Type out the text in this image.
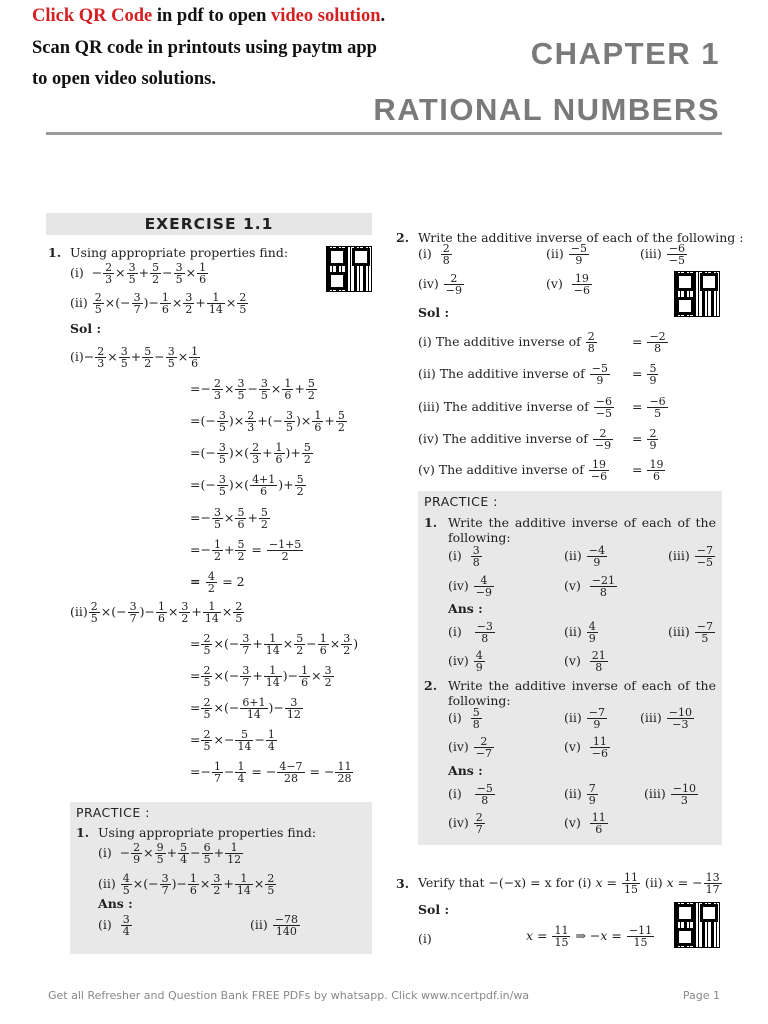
Click QR Code in pdf to open video solution.
Scan QR code in printouts using paytm app
to open video solutions.
CHAPTER 1
RATIONAL NUMBERS
EXERCISE 1.1
1. Using appropriate properties find:
$(i) - \frac{2}{3} \times \frac{3}{5} + \frac{5}{2} - \frac{3}{5} \times \frac{1}{6}$
$(ii) \frac{2}{5}$ ×(− $\frac{3}{7}$ )− $\frac{1}{6} \times \frac{3}{2} + \frac{1}{14} \times \frac{2}{5}$
Sol :
$(i)- \frac{2}{3} \times \frac{3}{5} + \frac{5}{2} - \frac{3}{5} \times \frac{1}{6}$
=− $\frac{2}{3} \times \frac{3}{5} - \frac{3}{5} \times \frac{1}{6} + \frac{5}{2}$
=(− $\frac{3}{5}$ )× $\frac{2}{3}$ +(− $\frac{3}{5}$ )× $\frac{1}{6} + \frac{5}{2}$
=(− $\frac{3}{5}$ )×( $\frac{2}{3} + \frac{1}{6}$ )+ $\frac{5}{2}$
=(− $\frac{3}{5}$ )×( $\frac{4+1}{6}$ )+ $\frac{5}{2}$
=− $\frac{3}{5} \times \frac{5}{6} + \frac{5}{2}$
=− $\frac{1}{2} + \frac{5}{2} = \frac{-1+5}{2}$
= $\frac{4}{2} = 2$
$(ii) \frac{2}{5}$ ×(− $\frac{3}{7}$ )− $\frac{1}{6} \times \frac{3}{2} + \frac{1}{14} \times \frac{2}{5}$
= $\frac{2}{5}$ ×(− $\frac{3}{7} + \frac{1}{14} \times \frac{5}{2} - \frac{1}{6} \times \frac{3}{2}$ )
= $\frac{2}{5}$ ×(− $\frac{3}{7} + \frac{1}{14}$ )− $\frac{1}{6} \times \frac{3}{2}$
= $\frac{2}{5}$ ×(− $\frac{6+1}{14}$ )− $\frac{3}{12}$
= $\frac{2}{5} \times- \frac{5}{14} - \frac{1}{4}$
=− $\frac{1}{7} - \frac{1}{4}$ = − $\frac{4-7}{28}$ = − $\frac{11}{28}$
PRACTICE :
1. Using appropriate properties find:
$(i) - \frac{2}{9} \times \frac{9}{5} + \frac{5}{4} - \frac{6}{5} + \frac{1}{12}$
$(ii) \frac{4}{5}$ ×(− $\frac{3}{7}$ )− $\frac{1}{6} \times \frac{3}{2} + \frac{1}{14} \times \frac{2}{5}$
Ans :
$(i) \frac{3}{4}$	$(ii) \frac{-78}{140}$
2. Write the additive inverse of each of the following :
$(i) \frac{2}{8}$	$(ii) \frac{-5}{9}$	$(iii) \frac{-6}{-5}$
$(iv) \frac{2}{-9}$	$(v) \frac{19}{-6}$
Sol :
(i) The additive inverse of $\frac{2}{8}$	= $\frac{-2}{8}$
(ii) The additive inverse of $\frac{-5}{9} = \frac{5}{9}$
(iii) The additive inverse of $\frac{-6}{-5} = \frac{-6}{5}$
(iv) The additive inverse of $\frac{2}{-9} = \frac{2}{9}$
(v) The additive inverse of $\frac{19}{-6} = \frac{19}{6}$
PRACTICE :
1. Write the additive inverse of each of the following:
$(i) \frac{3}{8}$	$(ii) \frac{-4}{9}$	$(iii) \frac{-7}{-5}$
$(iv) \frac{4}{-9}$	$(v) \frac{-21}{8}$
Ans :
$(i) \frac{-3}{8}$	$(ii) \frac{4}{9}$	$(iii) \frac{-7}{5}$
$(iv) \frac{4}{9}$	$(v) \frac{21}{8}$
2. Write the additive inverse of each of the following:
$(i) \frac{5}{8}$	$(ii) \frac{-7}{9}$	$(iii) \frac{-10}{-3}$
$(iv) \frac{2}{-7}$	$(v) \frac{11}{-6}$
Ans :
$(i) \frac{-5}{8}$	$(ii) \frac{7}{9}$	$(iii) \frac{-10}{3}$
$(iv) \frac{2}{7}$	$(v) \frac{11}{6}$
3. Verify that −(−x) = x for (i) $x = \frac{11}{15} (ii) x$ = − $\frac{13}{17}$
Sol :
(i)	$x = \frac{11}{15}$ ⇒ $-x = \frac{-11}{15}$
Get all Refresher and Question Bank FREE PDFs by whatsapp. Click www.ncertpdf.in/wa	Page 1
